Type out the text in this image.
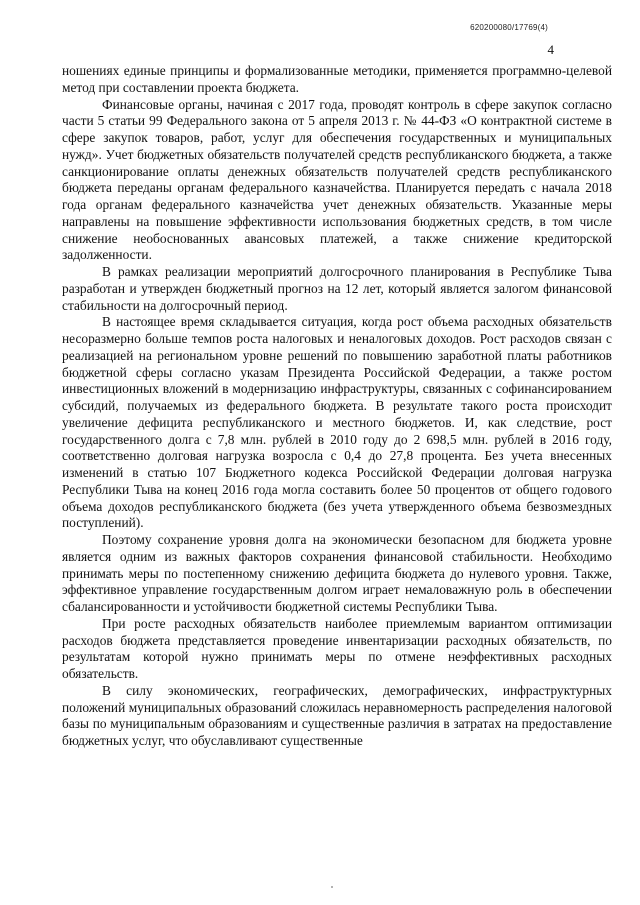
620200080/17769(4)
4

ношениях единые принципы и формализованные методики, применяется программно-целевой метод при составлении проекта бюджета.

Финансовые органы, начиная с 2017 года, проводят контроль в сфере закупок согласно части 5 статьи 99 Федерального закона от 5 апреля 2013 г. № 44-ФЗ «О контрактной системе в сфере закупок товаров, работ, услуг для обеспечения государственных и муниципальных нужд». Учет бюджетных обязательств получателей средств республиканского бюджета, а также санкционирование оплаты денежных обязательств получателей средств республиканского бюджета переданы органам федерального казначейства. Планируется передать с начала 2018 года органам федерального казначейства учет денежных обязательств. Указанные меры направлены на повышение эффективности использования бюджетных средств, в том числе снижение необоснованных авансовых платежей, а также снижение кредиторской задолженности.

В рамках реализации мероприятий долгосрочного планирования в Республике Тыва разработан и утвержден бюджетный прогноз на 12 лет, который является залогом финансовой стабильности на долгосрочный период.

В настоящее время складывается ситуация, когда рост объема расходных обязательств несоразмерно больше темпов роста налоговых и неналоговых доходов. Рост расходов связан с реализацией на региональном уровне решений по повышению заработной платы работников бюджетной сферы согласно указам Президента Российской Федерации, а также ростом инвестиционных вложений в модернизацию инфраструктуры, связанных с софинансированием субсидий, получаемых из федерального бюджета. В результате такого роста происходит увеличение дефицита республиканского и местного бюджетов. И, как следствие, рост государственного долга с 7,8 млн. рублей в 2010 году до 2 698,5 млн. рублей в 2016 году, соответственно долговая нагрузка возросла с 0,4 до 27,8 процента. Без учета внесенных изменений в статью 107 Бюджетного кодекса Российской Федерации долговая нагрузка Республики Тыва на конец 2016 года могла составить более 50 процентов от общего годового объема доходов республиканского бюджета (без учета утвержденного объема безвозмездных поступлений).

Поэтому сохранение уровня долга на экономически безопасном для бюджета уровне является одним из важных факторов сохранения финансовой стабильности. Необходимо принимать меры по постепенному снижению дефицита бюджета до нулевого уровня. Также, эффективное управление государственным долгом играет немаловажную роль в обеспечении сбалансированности и устойчивости бюджетной системы Республики Тыва.

При росте расходных обязательств наиболее приемлемым вариантом оптимизации расходов бюджета представляется проведение инвентаризации расходных обязательств, по результатам которой нужно принимать меры по отмене неэффективных расходных обязательств.

В силу экономических, географических, демографических, инфраструктурных положений муниципальных образований сложилась неравномерность распределения налоговой базы по муниципальным образованиям и существенные различия в затратах на предоставление бюджетных услуг, что обуславливают существенные
